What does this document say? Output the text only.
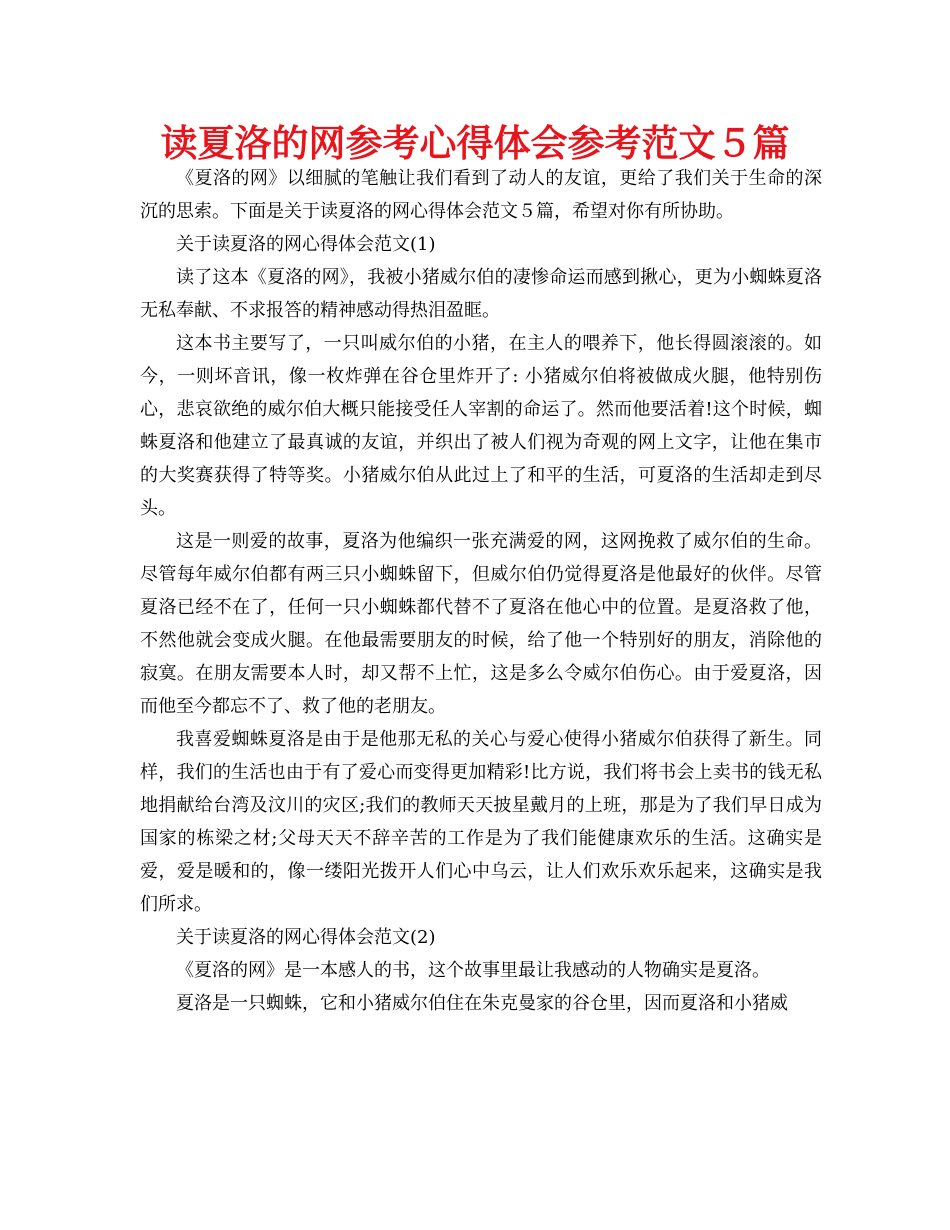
读夏洛的网参考心得体会参考范文５篇

《夏洛的网》以细腻的笔触让我们看到了动人的友谊，更给了我们关于生命的深沉的思索。下面是关于读夏洛的网心得体会范文５篇，希望对你有所协助。

关于读夏洛的网心得体会范文(1)

读了这本《夏洛的网》，我被小猪威尔伯的凄惨命运而感到揪心，更为小蜘蛛夏洛无私奉献、不求报答的精神感动得热泪盈眶。

这本书主要写了，一只叫威尔伯的小猪，在主人的喂养下，他长得圆滚滚的。如今，一则坏音讯，像一枚炸弹在谷仓里炸开了: 小猪威尔伯将被做成火腿，他特别伤心，悲哀欲绝的威尔伯大概只能接受任人宰割的命运了。然而他要活着!这个时候，蜘蛛夏洛和他建立了最真诚的友谊，并织出了被人们视为奇观的网上文字，让他在集市的大奖赛获得了特等奖。小猪威尔伯从此过上了和平的生活，可夏洛的生活却走到尽头。

这是一则爱的故事，夏洛为他编织一张充满爱的网，这网挽救了威尔伯的生命。尽管每年威尔伯都有两三只小蜘蛛留下，但威尔伯仍觉得夏洛是他最好的伙伴。尽管夏洛已经不在了，任何一只小蜘蛛都代替不了夏洛在他心中的位置。是夏洛救了他，不然他就会变成火腿。在他最需要朋友的时候，给了他一个特别好的朋友，消除他的寂寞。在朋友需要本人时，却又帮不上忙，这是多么令威尔伯伤心。由于爱夏洛，因而他至今都忘不了、救了他的老朋友。

我喜爱蜘蛛夏洛是由于是他那无私的关心与爱心使得小猪威尔伯获得了新生。同样，我们的生活也由于有了爱心而变得更加精彩!比方说，我们将书会上卖书的钱无私地捐献给台湾及汶川的灾区;我们的教师天天披星戴月的上班，那是为了我们早日成为国家的栋梁之材;父母天天不辞辛苦的工作是为了我们能健康欢乐的生活。这确实是爱，爱是暖和的，像一缕阳光拨开人们心中乌云，让人们欢乐欢乐起来，这确实是我们所求。

关于读夏洛的网心得体会范文(2)

《夏洛的网》是一本感人的书，这个故事里最让我感动的人物确实是夏洛。

夏洛是一只蜘蛛，它和小猪威尔伯住在朱克曼家的谷仓里，因而夏洛和小猪威
